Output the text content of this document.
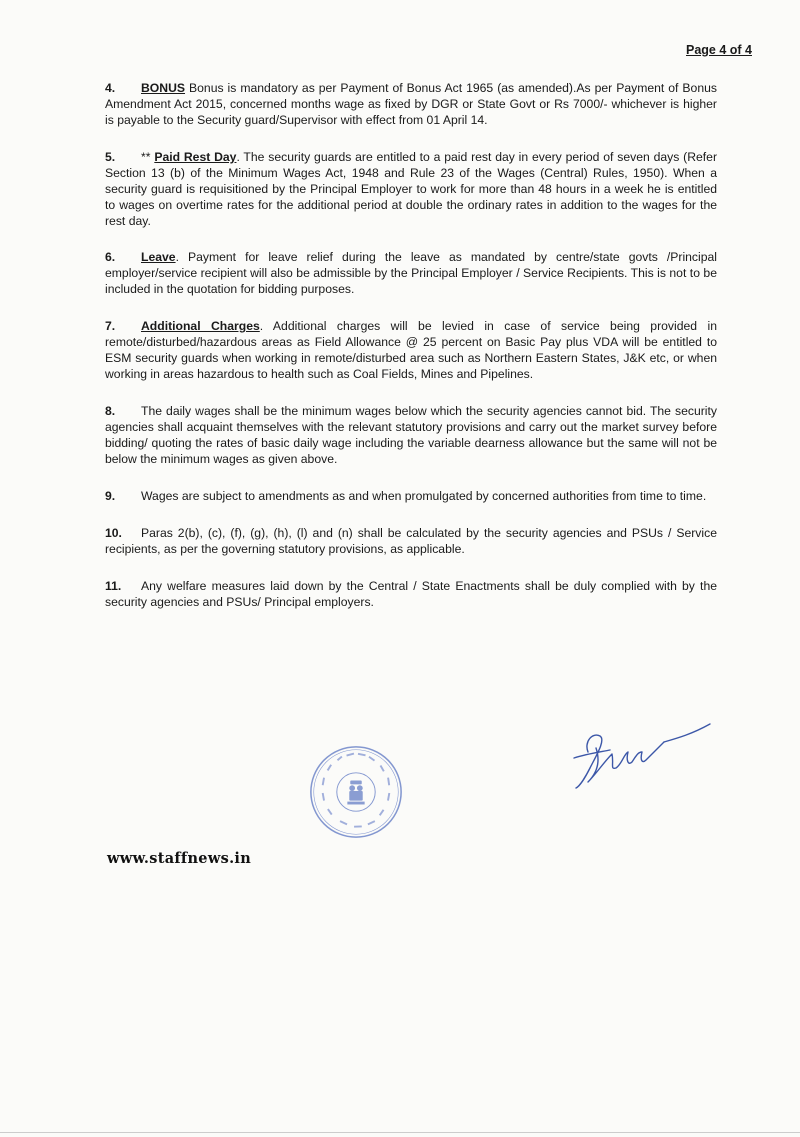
Page 4 of 4

4. BONUS Bonus is mandatory as per Payment of Bonus Act 1965 (as amended).As per Payment of Bonus Amendment Act 2015, concerned months wage as fixed by DGR or State Govt or Rs 7000/- whichever is higher is payable to the Security guard/Supervisor with effect from 01 April 14.

5. ** Paid Rest Day. The security guards are entitled to a paid rest day in every period of seven days (Refer Section 13 (b) of the Minimum Wages Act, 1948 and Rule 23 of the Wages (Central) Rules, 1950). When a security guard is requisitioned by the Principal Employer to work for more than 48 hours in a week he is entitled to wages on overtime rates for the additional period at double the ordinary rates in addition to the wages for the rest day.

6. Leave. Payment for leave relief during the leave as mandated by centre/state govts /Principal employer/service recipient will also be admissible by the Principal Employer / Service Recipients. This is not to be included in the quotation for bidding purposes.

7. Additional Charges. Additional charges will be levied in case of service being provided in remote/disturbed/hazardous areas as Field Allowance @ 25 percent on Basic Pay plus VDA will be entitled to ESM security guards when working in remote/disturbed area such as Northern Eastern States, J&K etc, or when working in areas hazardous to health such as Coal Fields, Mines and Pipelines.

8. The daily wages shall be the minimum wages below which the security agencies cannot bid. The security agencies shall acquaint themselves with the relevant statutory provisions and carry out the market survey before bidding/ quoting the rates of basic daily wage including the variable dearness allowance but the same will not be below the minimum wages as given above.

9. Wages are subject to amendments as and when promulgated by concerned authorities from time to time.

10. Paras 2(b), (c), (f), (g), (h), (l) and (n) shall be calculated by the security agencies and PSUs / Service recipients, as per the governing statutory provisions, as applicable.

11. Any welfare measures laid down by the Central / State Enactments shall be duly complied with by the security agencies and PSUs/ Principal employers.

www.staffnews.in
